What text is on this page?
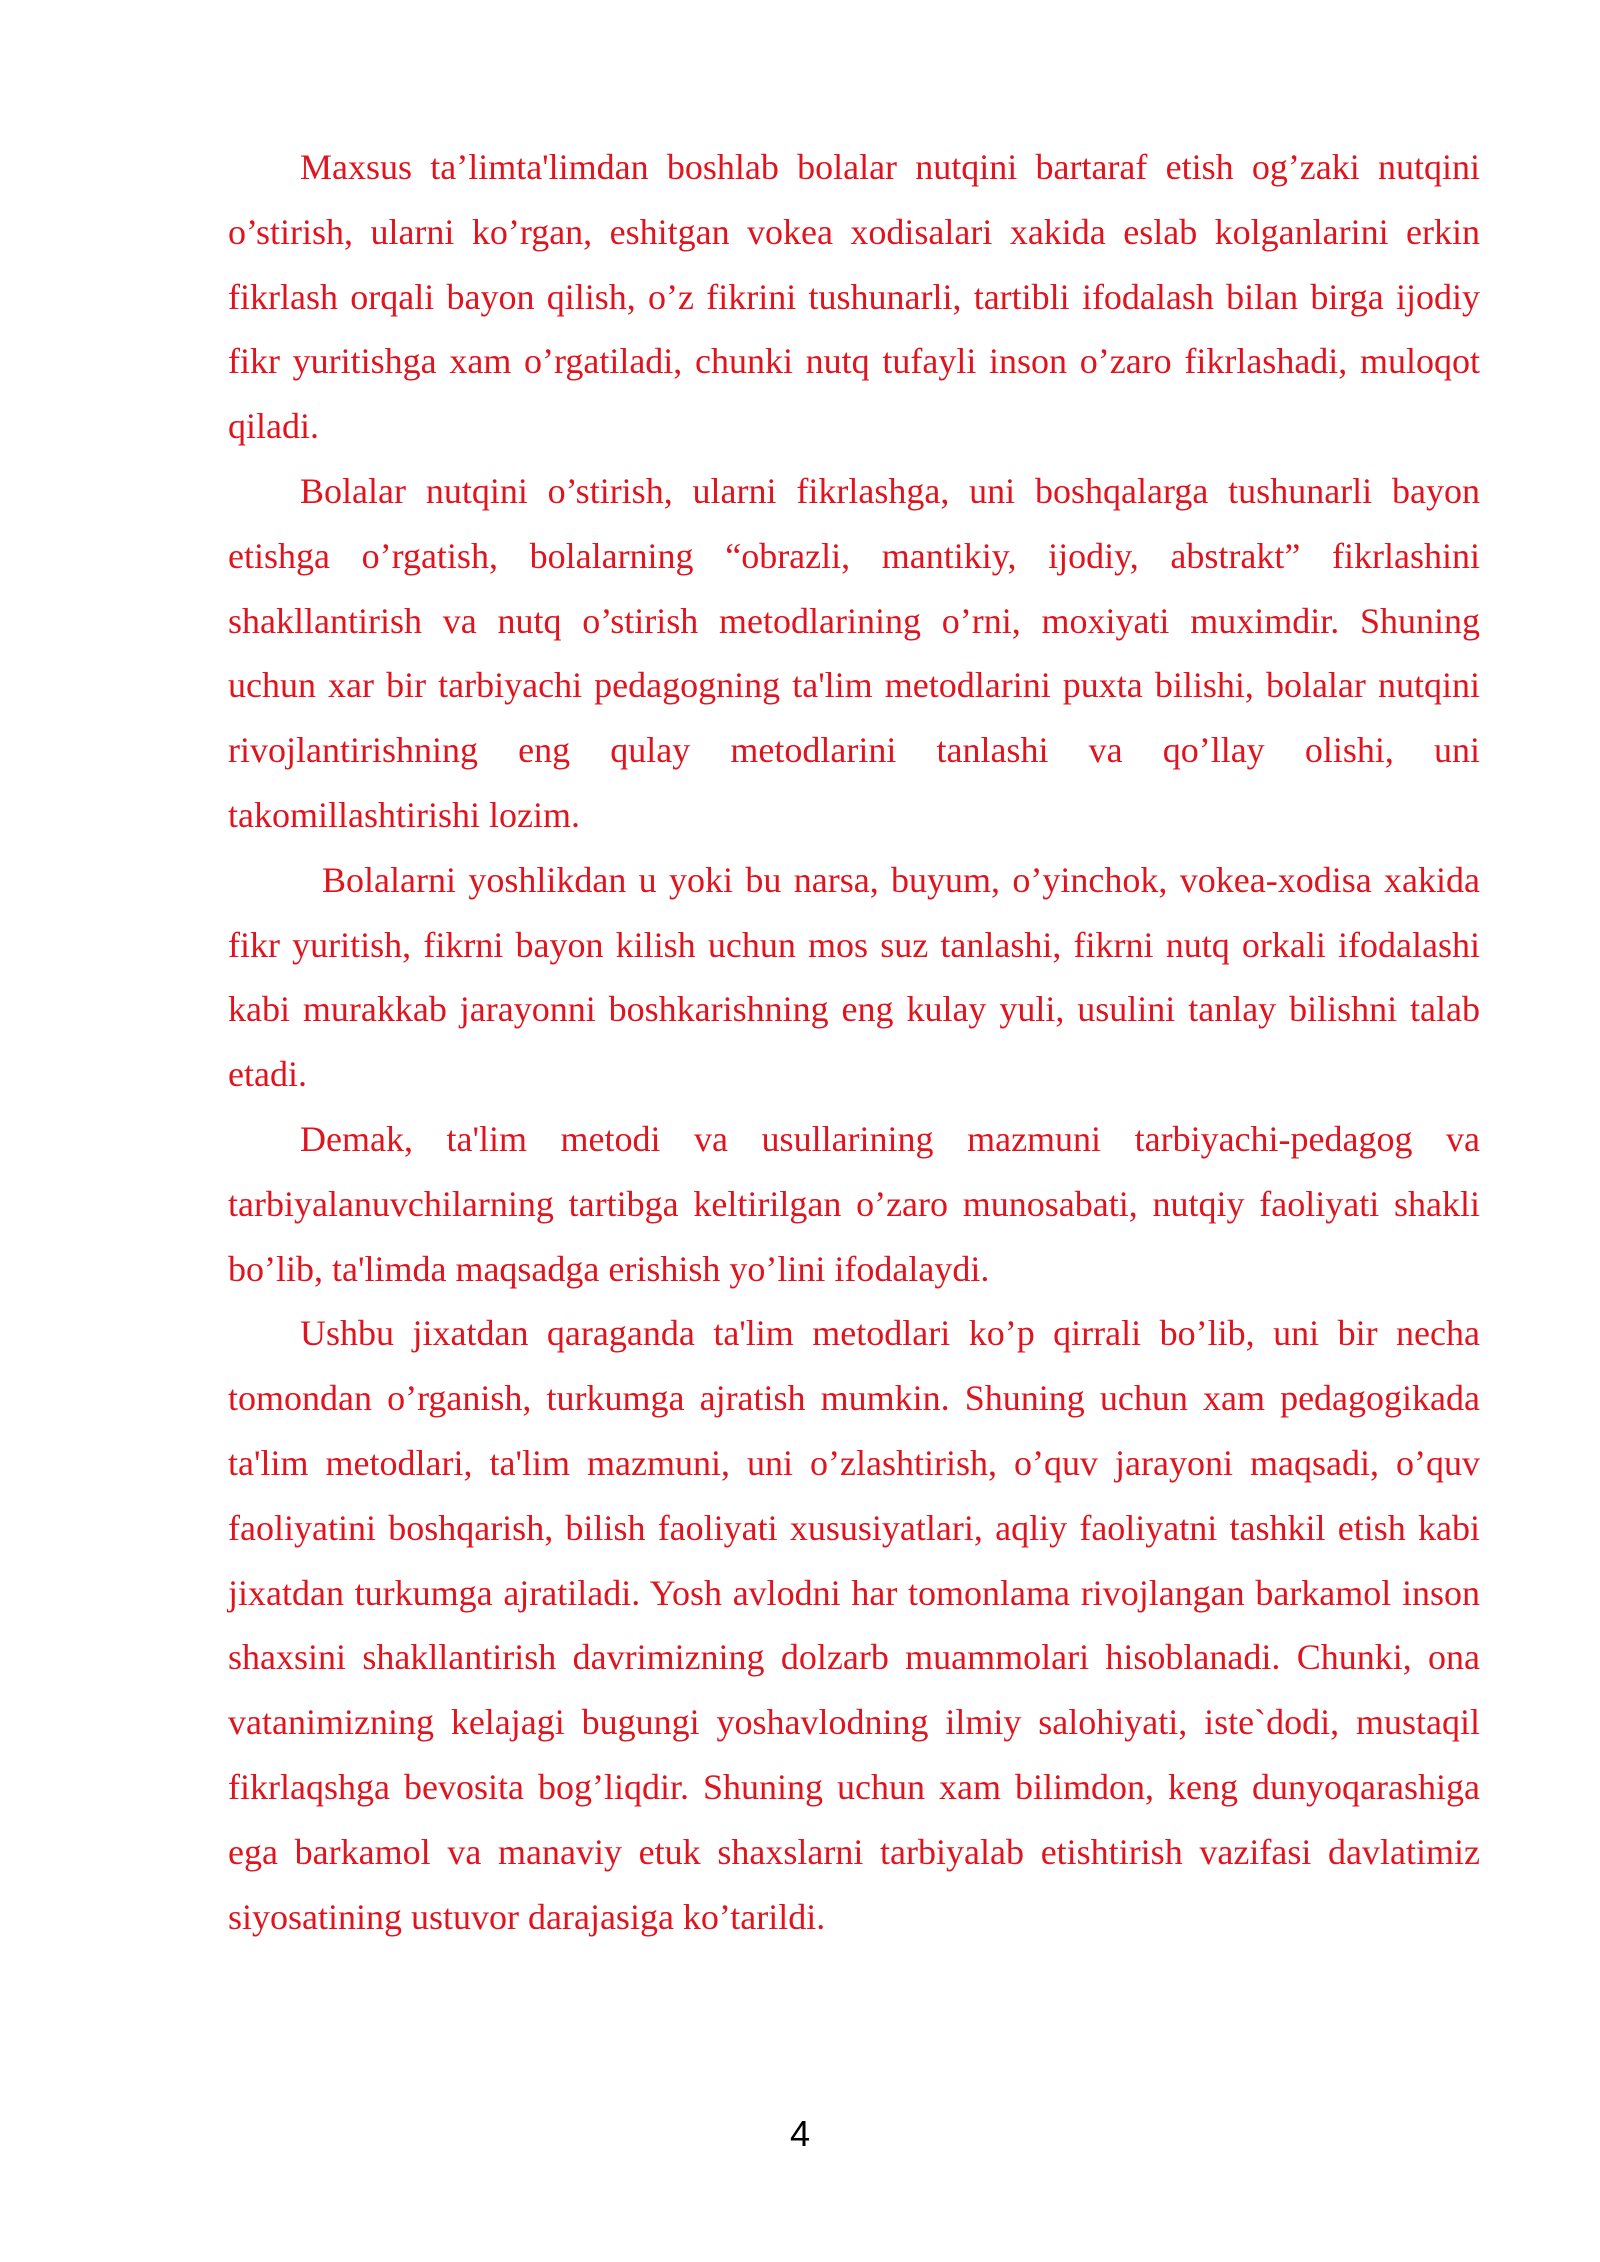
Maxsus ta’limta'limdan boshlab bolalar nutqini bartaraf etish og’zaki nutqini o’stirish, ularni ko’rgan, eshitgan vokea xodisalari xakida eslab kolganlarini erkin fikrlash orqali bayon qilish, o’z fikrini tushunarli, tartibli ifodalash bilan birga ijodiy fikr yuritishga xam o’rgatiladi, chunki nutq tufayli inson o’zaro fikrlashadi, muloqot qiladi.

Bolalar nutqini o’stirish, ularni fikrlashga, uni boshqalarga tushunarli bayon etishga o’rgatish, bolalarning “obrazli, mantikiy, ijodiy, abstrakt” fikrlashini shakllantirish va nutq o’stirish metodlarining o’rni, moxiyati muximdir. Shuning uchun xar bir tarbiyachi pedagogning ta'lim metodlarini puxta bilishi, bolalar nutqini rivojlantirishning eng qulay metodlarini tanlashi va qo’llay olishi, uni takomillashtirishi lozim.

Bolalarni yoshlikdan u yoki bu narsa, buyum, o’yinchok, vokea-xodisa xakida fikr yuritish, fikrni bayon kilish uchun mos suz tanlashi, fikrni nutq orkali ifodalashi kabi murakkab jarayonni boshkarishning eng kulay yuli, usulini tanlay bilishni talab etadi.

Demak, ta'lim metodi va usullarining mazmuni tarbiyachi-pedagog va tarbiyalanuvchilarning tartibga keltirilgan o’zaro munosabati, nutqiy faoliyati shakli bo’lib, ta'limda maqsadga erishish yo’lini ifodalaydi.

Ushbu jixatdan qaraganda ta'lim metodlari ko’p qirrali bo’lib, uni bir necha tomondan o’rganish, turkumga ajratish mumkin. Shuning uchun xam pedagogikada ta'lim metodlari, ta'lim mazmuni, uni o’zlashtirish, o’quv jarayoni maqsadi, o’quv faoliyatini boshqarish, bilish faoliyati xususiyatlari, aqliy faoliyatni tashkil etish kabi jixatdan turkumga ajratiladi. Yosh avlodni har tomonlama rivojlangan barkamol inson shaxsini shakllantirish davrimizning dolzarb muammolari hisoblanadi. Chunki, ona vatanimizning kelajagi bugungi yoshavlodning ilmiy salohiyati, iste`dodi, mustaqil fikrlaqshga bevosita bog’liqdir. Shuning uchun xam bilimdon, keng dunyoqarashiga ega barkamol va manaviy etuk shaxslarni tarbiyalab etishtirish vazifasi davlatimiz siyosatining ustuvor darajasiga ko’tarildi.

4
